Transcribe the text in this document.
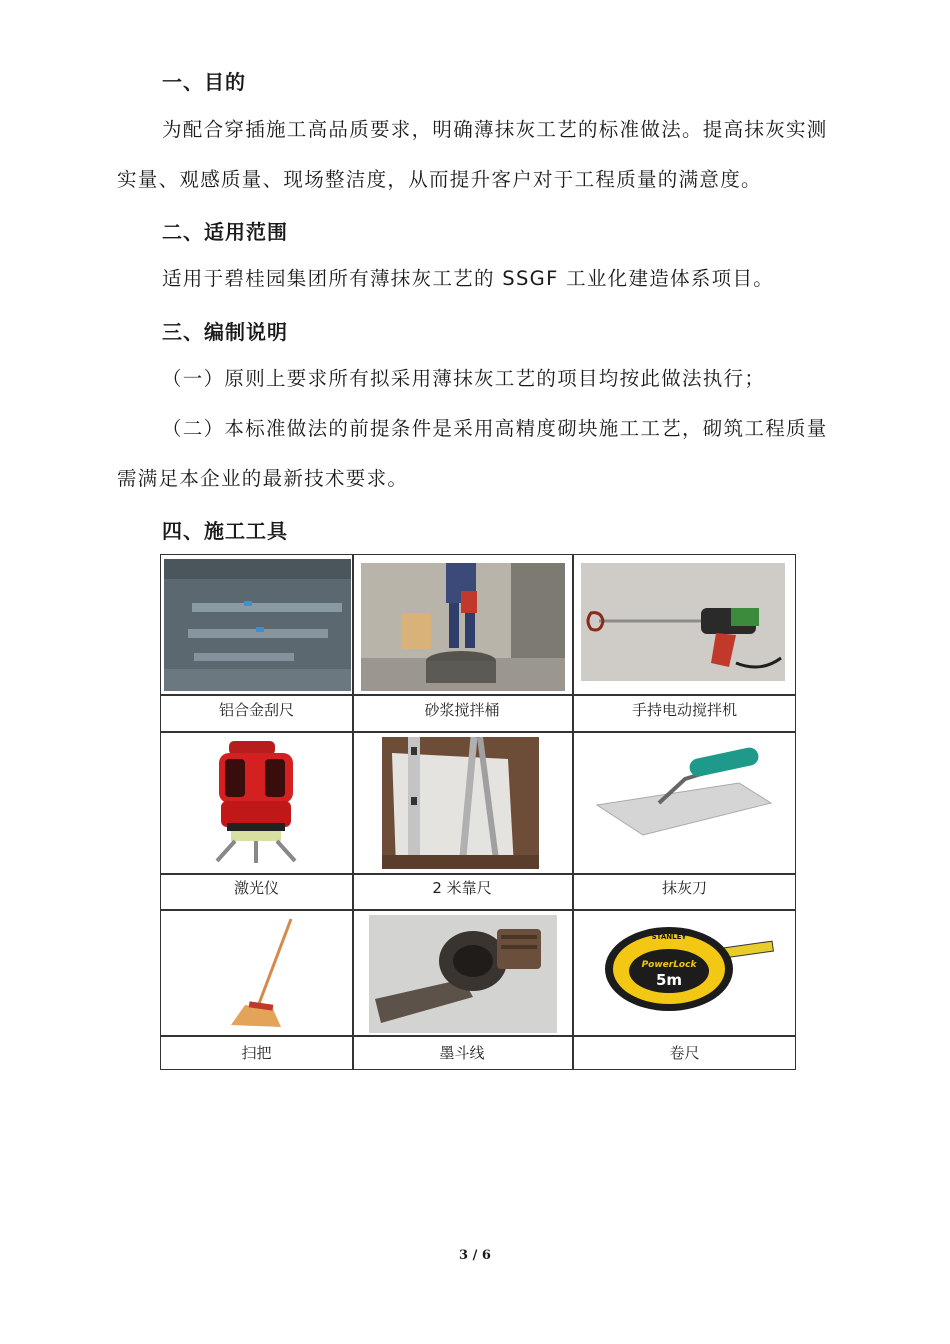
一、目的
为配合穿插施工高品质要求，明确薄抹灰工艺的标准做法。提高抹灰实测实量、观感质量、现场整洁度，从而提升客户对于工程质量的满意度。
二、适用范围
适用于碧桂园集团所有薄抹灰工艺的 SSGF 工业化建造体系项目。
三、编制说明
（一）原则上要求所有拟采用薄抹灰工艺的项目均按此做法执行；
（二）本标准做法的前提条件是采用高精度砌块施工工艺，砌筑工程质量需满足本企业的最新技术要求。
四、施工工具
铝合金刮尺	砂浆搅拌桶	手持电动搅拌机
激光仪	2 米靠尺	抹灰刀
STANLEY
PowerLock
5m
扫把	墨斗线	卷尺
3 / 6
